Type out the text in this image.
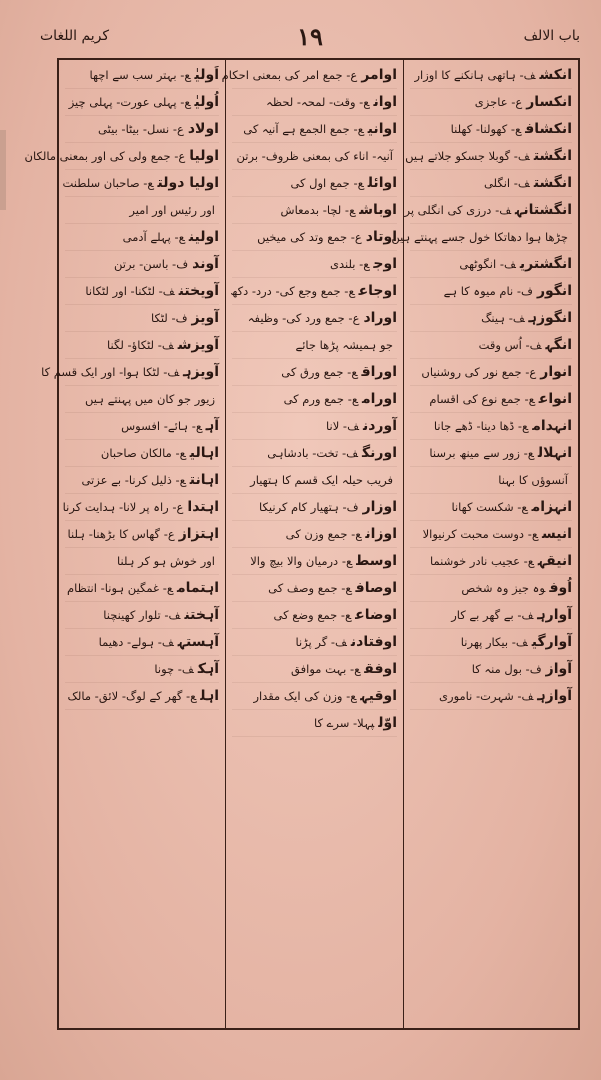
باب الالف
١٩
کریم اللغات
انکشف- ہاتھی ہانکنے کا اوزار
انکسارع- عاجزی
انکشافع- کھولنا- کھلنا
انگشتف- گوبلا جسکو جلاتے ہیں
انگشتف- انگلی
انگشتانہف- درزی کی انگلی پر
چڑھا ہوا دھاتکا خول جسے پہنتے ہیں
انگشتریف- انگوٹھی
انگورف- نام میوہ کا ہے
انگوزہف- ہینگ
انگہف- اُس وقت
انوارع- جمع نور کی روشنیاں
انواعع- جمع نوع کی اقسام
انہدامع- ڈھا دینا- ڈھے جانا
انہلالع- زور سے مینھ برسنا
آنسوؤں کا بہنا
انہزامع- شکست کھانا
انیسع- دوست محبت کرنیوالا
انیقہع- عجیب نادر خوشنما
اُوفوہ جیز وہ شخص
آوارہف- بے گھر بے کار
آوارگیف- بیکار پھرنا
آوازف- بول منہ کا
آوازہف- شہرت- ناموری
اوامرع- جمع امر کی بمعنی احکام
اوانع- وقت- لمحہ- لحظہ
اوانیع- جمع الجمع ہے آنیہ کی
آنیہ- اناء کی بمعنی ظروف- برتن
اوائلع- جمع اول کی
اوباشع- لچا- بدمعاش
اوتادع- جمع وتد کی میخیں
اوجع- بلندی
اوجاعع- جمع وجع کی- درد- دکھ
اورادع- جمع ورد کی- وظیفہ
جو ہمیشہ پڑھا جائے
اوراقع- جمع ورق کی
اورامع- جمع ورم کی
آوردنف- لانا
اورنگف- تخت- بادشاہی
فریب حیلہ ایک قسم کا ہتھیار
اوزارف- ہتھیار کام کرنیکا
اوزانع- جمع وزن کی
اوسطع- درمیان والا بیچ والا
اوصافع- جمع وصف کی
اوضاعع- جمع وضع کی
اوفتادنف- گر پڑنا
اوفقع- بہت موافق
اوقیہع- وزن کی ایک مقدار
اوّلپہلا- سرے کا
اَولیٰع- بہتر سب سے اچھا
اُولیٰع- پہلی عورت- پہلی چیز
اولادع- نسل- بیٹا- بیٹی
اولیاع- جمع ولی کی اور بمعنی مالکان
اولیا دولتع- صاحبان سلطنت
اور رئیس اور امیر
اولینع- پہلے آدمی
آوندف- باسن- برتن
آویختنف- لٹکنا- اور لٹکانا
آویزف- لٹکا
آویزشف- لٹکاؤ- لگنا
آویزہف- لٹکا ہوا- اور ایک قسم کا
زیور جو کان میں پہنتے ہیں
آہع- ہائے- افسوس
اہالیع- مالکان صاحبان
اہانتع- ذلیل کرنا- بے عزتی
اہتداع- راہ پر لانا- ہدایت کرنا
اہتزازع- گھاس کا بڑھنا- ہلنا
اور خوش ہو کر ہلنا
اہتمامع- غمگین ہونا- انتظام
آہختنف- تلوار کھینچنا
آہستہف- ہولے- دھیما
آہکف- چونا
اہلع- گھر کے لوگ- لائق- مالک
